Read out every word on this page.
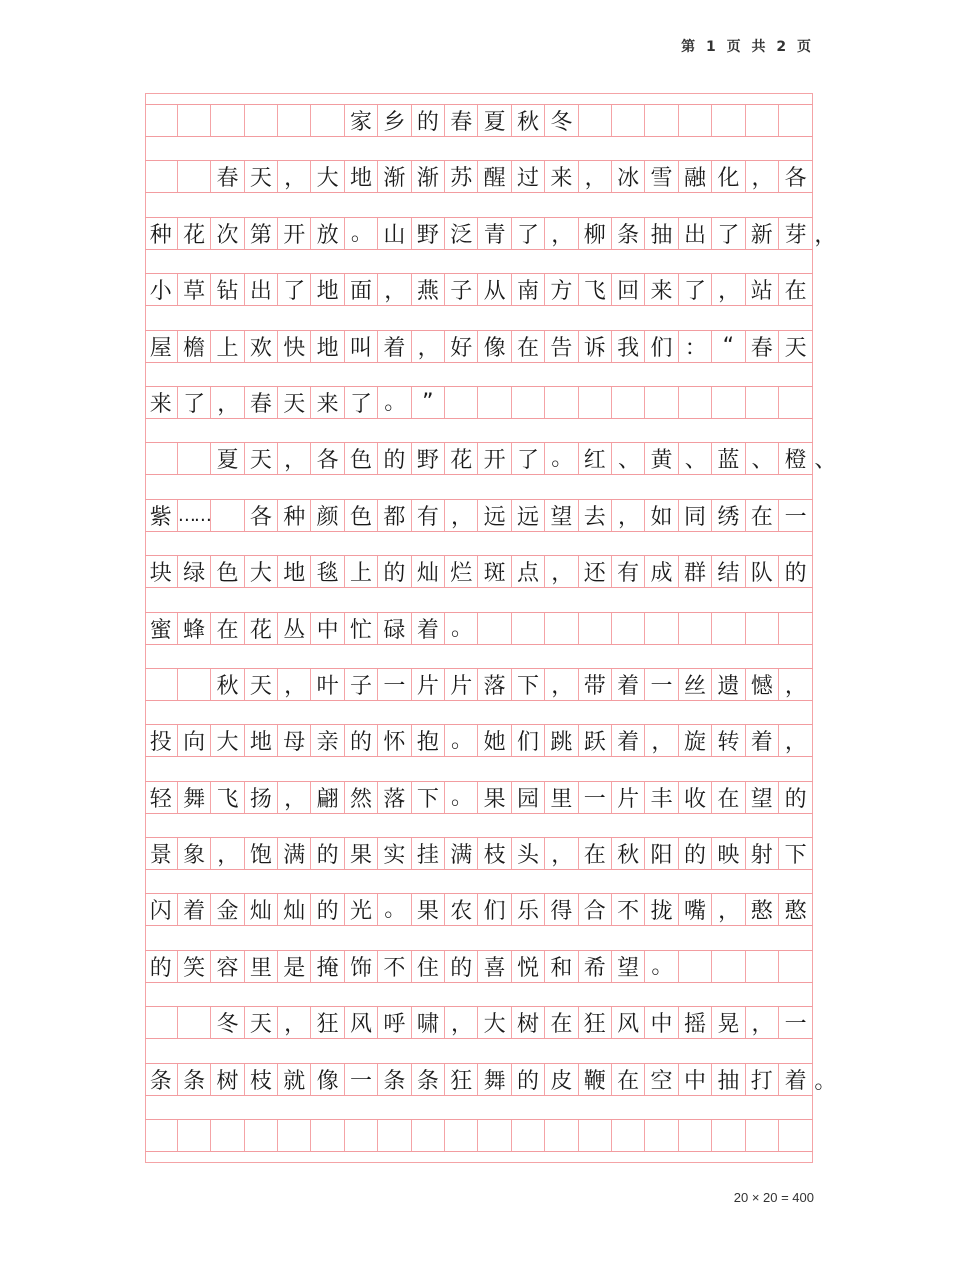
第 1 页 共 2 页
家 乡 的 春 夏 秋 冬
春 天 ， 大 地 渐 渐 苏 醒 过 来 ， 冰 雪 融 化 ， 各
种 花 次 第 开 放 。 山 野 泛 青 了 ， 柳 条 抽 出 了 新 芽 ，
小 草 钻 出 了 地 面 ， 燕 子 从 南 方 飞 回 来 了 ， 站 在
屋 檐 上 欢 快 地 叫 着 ， 好 像 在 告 诉 我 们 ： “ 春 天
来 了 ， 春 天 来 了 。 ”
夏 天 ， 各 色 的 野 花 开 了 。 红 、 黄 、 蓝 、 橙 、
紫 …… 各 种 颜 色 都 有 ， 远 远 望 去 ， 如 同 绣 在 一
块 绿 色 大 地 毯 上 的 灿 烂 斑 点 ， 还 有 成 群 结 队 的
蜜 蜂 在 花 丛 中 忙 碌 着 。
秋 天 ， 叶 子 一 片 片 落 下 ， 带 着 一 丝 遗 憾 ，
投 向 大 地 母 亲 的 怀 抱 。 她 们 跳 跃 着 ， 旋 转 着 ，
轻 舞 飞 扬 ， 翩 然 落 下 。 果 园 里 一 片 丰 收 在 望 的
景 象 ， 饱 满 的 果 实 挂 满 枝 头 ， 在 秋 阳 的 映 射 下
闪 着 金 灿 灿 的 光 。 果 农 们 乐 得 合 不 拢 嘴 ， 憨 憨
的 笑 容 里 是 掩 饰 不 住 的 喜 悦 和 希 望 。
冬 天 ， 狂 风 呼 啸 ， 大 树 在 狂 风 中 摇 晃 ， 一
条 条 树 枝 就 像 一 条 条 狂 舞 的 皮 鞭 在 空 中 抽 打 着 。
20 × 20 = 400
